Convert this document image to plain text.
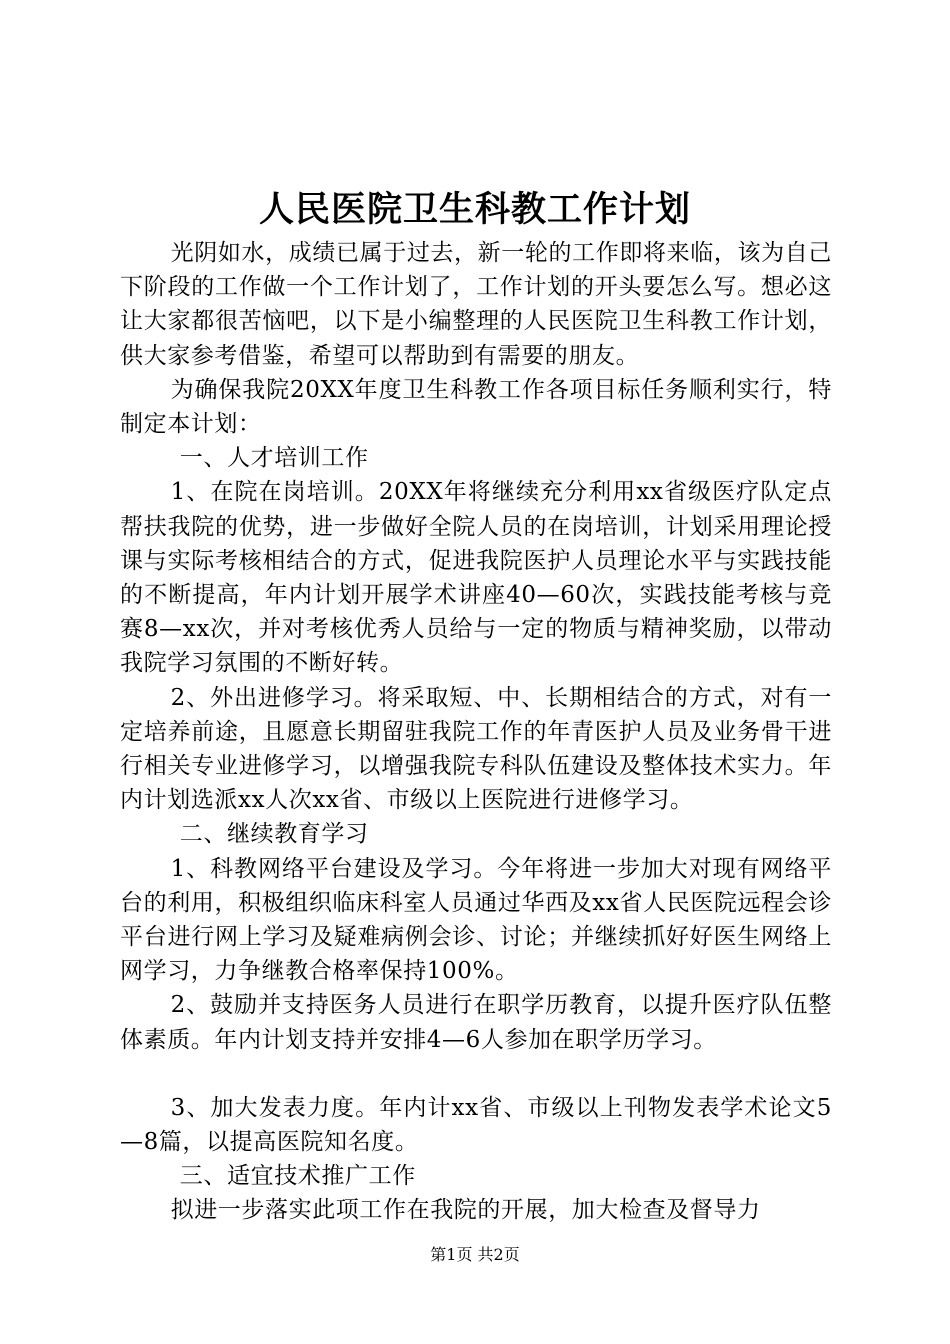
人民医院卫生科教工作计划

光阴如水，成绩已属于过去，新一轮的工作即将来临，该为自己下阶段的工作做一个工作计划了，工作计划的开头要怎么写。想必这让大家都很苦恼吧，以下是小编整理的人民医院卫生科教工作计划，供大家参考借鉴，希望可以帮助到有需要的朋友。

为确保我院20XX年度卫生科教工作各项目标任务顺利实行，特制定本计划：

一、人才培训工作

1、在院在岗培训。20XX年将继续充分利用xx省级医疗队定点帮扶我院的优势，进一步做好全院人员的在岗培训，计划采用理论授课与实际考核相结合的方式，促进我院医护人员理论水平与实践技能的不断提高，年内计划开展学术讲座40—60次，实践技能考核与竞赛8—xx次，并对考核优秀人员给与一定的物质与精神奖励，以带动我院学习氛围的不断好转。

2、外出进修学习。将采取短、中、长期相结合的方式，对有一定培养前途，且愿意长期留驻我院工作的年青医护人员及业务骨干进行相关专业进修学习，以增强我院专科队伍建设及整体技术实力。年内计划选派xx人次xx省、市级以上医院进行进修学习。

二、继续教育学习

1、科教网络平台建设及学习。今年将进一步加大对现有网络平台的利用，积极组织临床科室人员通过华西及xx省人民医院远程会诊平台进行网上学习及疑难病例会诊、讨论；并继续抓好好医生网络上网学习，力争继教合格率保持100%。

2、鼓励并支持医务人员进行在职学历教育，以提升医疗队伍整体素质。年内计划支持并安排4—6人参加在职学历学习。

3、加大发表力度。年内计xx省、市级以上刊物发表学术论文5—8篇，以提高医院知名度。

三、适宜技术推广工作

拟进一步落实此项工作在我院的开展，加大检查及督导力

第1页 共2页
